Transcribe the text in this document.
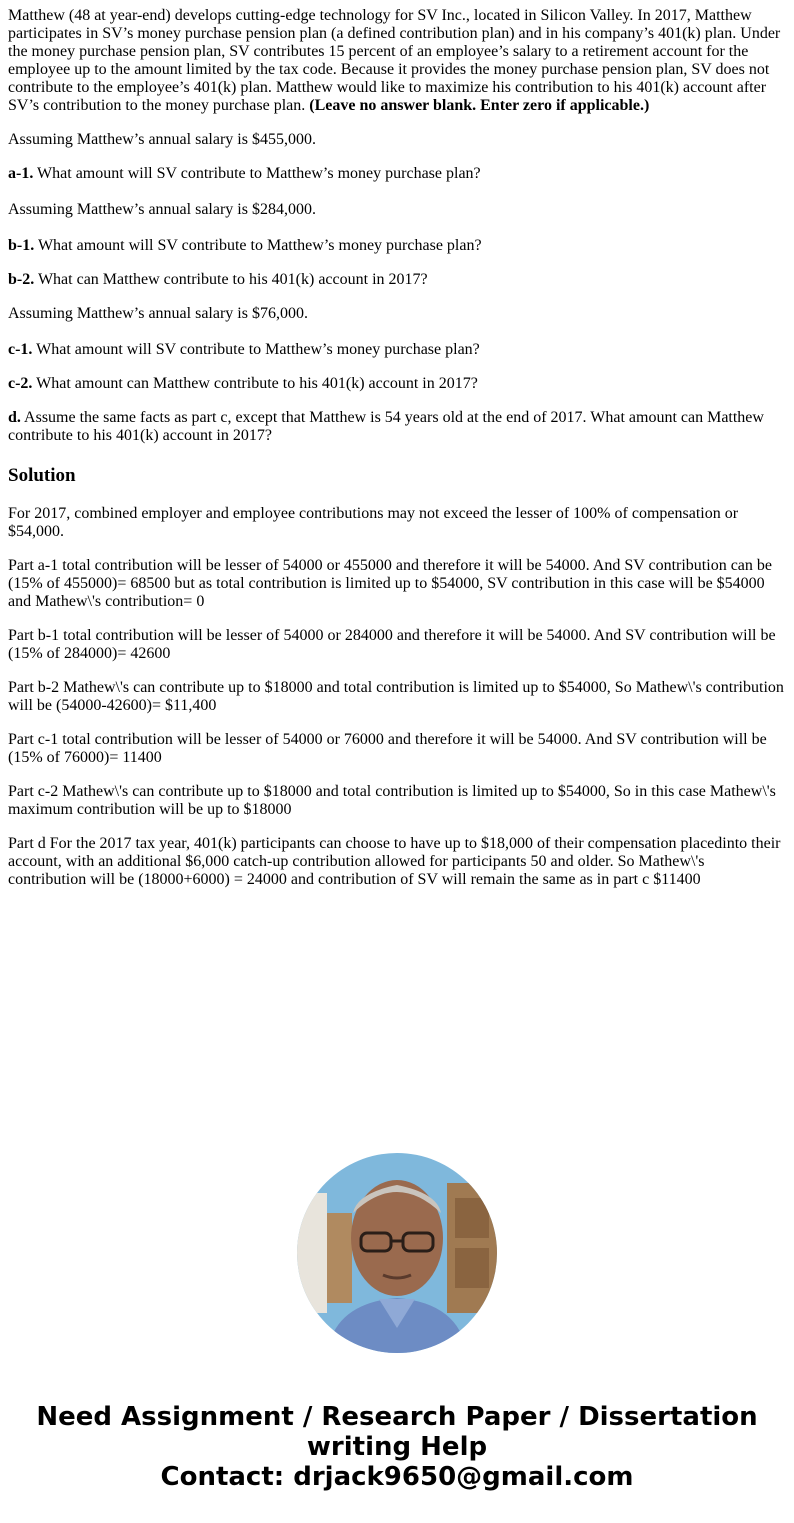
Matthew (48 at year-end) develops cutting-edge technology for SV Inc., located in Silicon Valley. In 2017, Matthew participates in SV’s money purchase pension plan (a defined contribution plan) and in his company’s 401(k) plan. Under the money purchase pension plan, SV contributes 15 percent of an employee’s salary to a retirement account for the employee up to the amount limited by the tax code. Because it provides the money purchase pension plan, SV does not contribute to the employee’s 401(k) plan. Matthew would like to maximize his contribution to his 401(k) account after SV’s contribution to the money purchase plan. (Leave no answer blank. Enter zero if applicable.)

Assuming Matthew’s annual salary is $455,000.

a-1. What amount will SV contribute to Matthew’s money purchase plan?

Assuming Matthew’s annual salary is $284,000.

b-1. What amount will SV contribute to Matthew’s money purchase plan?

b-2. What can Matthew contribute to his 401(k) account in 2017?

Assuming Matthew’s annual salary is $76,000.

c-1. What amount will SV contribute to Matthew’s money purchase plan?

c-2. What amount can Matthew contribute to his 401(k) account in 2017?

d. Assume the same facts as part c, except that Matthew is 54 years old at the end of 2017. What amount can Matthew contribute to his 401(k) account in 2017?

Solution

For 2017, combined employer and employee contributions may not exceed the lesser of 100% of compensation or $54,000.

Part a-1 total contribution will be lesser of 54000 or 455000 and therefore it will be 54000. And SV contribution can be (15% of 455000)= 68500 but as total contribution is limited up to $54000, SV contribution in this case will be $54000 and Mathew\'s contribution= 0

Part b-1 total contribution will be lesser of 54000 or 284000 and therefore it will be 54000. And SV contribution will be (15% of 284000)= 42600

Part b-2 Mathew\'s can contribute up to $18000 and total contribution is limited up to $54000, So Mathew\'s contribution will be (54000-42600)= $11,400

Part c-1 total contribution will be lesser of 54000 or 76000 and therefore it will be 54000. And SV contribution will be (15% of 76000)= 11400

Part c-2 Mathew\'s can contribute up to $18000 and total contribution is limited up to $54000, So in this case Mathew\'s maximum contribution will be up to $18000

Part d For the 2017 tax year, 401(k) participants can choose to have up to $18,000 of their compensation placedinto their account, with an additional $6,000 catch-up contribution allowed for participants 50 and older. So Mathew\'s contribution will be (18000+6000) = 24000 and contribution of SV will remain the same as in part c $11400

Need Assignment / Research Paper / Dissertation
writing Help
Contact: drjack9650@gmail.com
